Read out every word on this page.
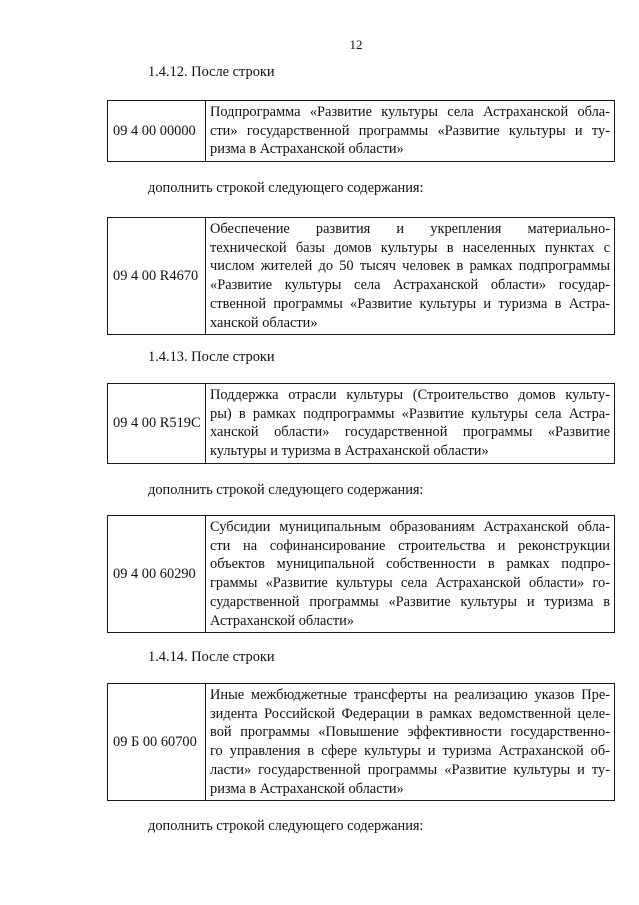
12
1.4.12. После строки
09 4 00 00000
Подпрограмма «Развитие культуры села Астраханской обла-
сти» государственной программы «Развитие культуры и ту-
ризма в Астраханской области»
дополнить строкой следующего содержания:
09 4 00 R4670
Обеспечение развития и укрепления материально-
технической базы домов культуры в населенных пунктах с
числом жителей до 50 тысяч человек в рамках подпрограммы
«Развитие культуры села Астраханской области» государ-
ственной программы «Развитие культуры и туризма в Астра-
ханской области»
1.4.13. После строки
09 4 00 R519C
Поддержка отрасли культуры (Строительство домов культу-
ры) в рамках подпрограммы «Развитие культуры села Астра-
ханской области» государственной программы «Развитие
культуры и туризма в Астраханской области»
дополнить строкой следующего содержания:
09 4 00 60290
Субсидии муниципальным образованиям Астраханской обла-
сти на софинансирование строительства и реконструкции
объектов муниципальной собственности в рамках подпро-
граммы «Развитие культуры села Астраханской области» го-
сударственной программы «Развитие культуры и туризма в
Астраханской области»
1.4.14. После строки
09 Б 00 60700
Иные межбюджетные трансферты на реализацию указов Пре-
зидента Российской Федерации в рамках ведомственной целе-
вой программы «Повышение эффективности государственно-
го управления в сфере культуры и туризма Астраханской об-
ласти» государственной программы «Развитие культуры и ту-
ризма в Астраханской области»
дополнить строкой следующего содержания:
